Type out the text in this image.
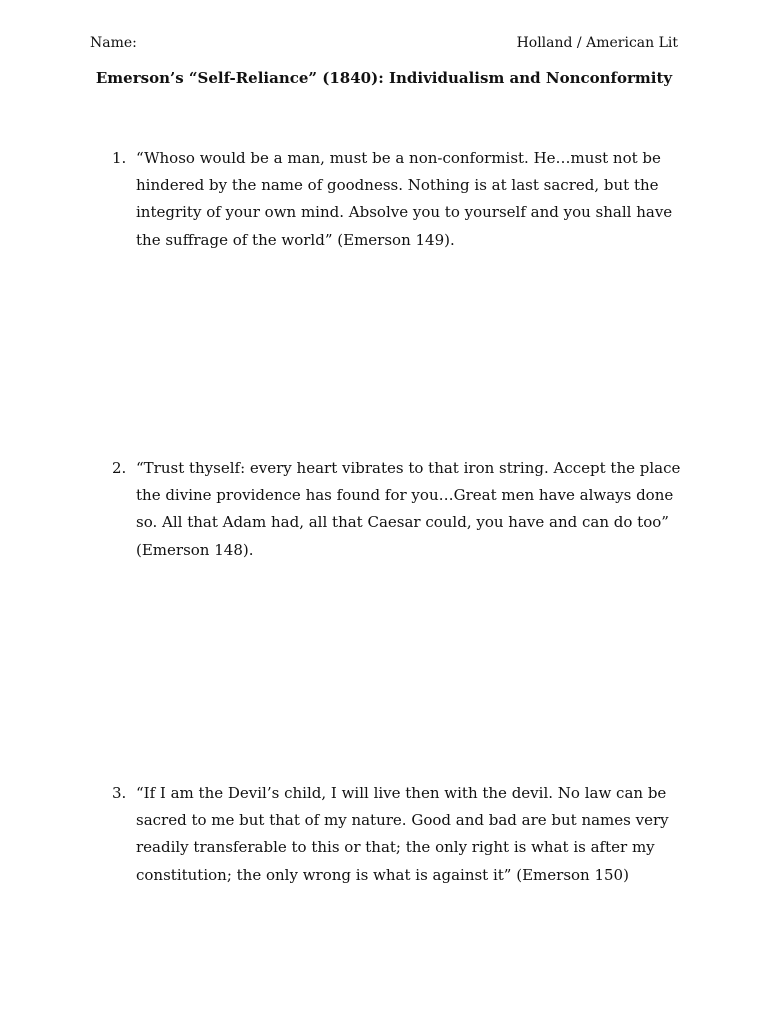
Name:	Holland / American Lit
Emerson’s “Self-Reliance” (1840): Individualism and Nonconformity
1. “Whoso would be a man, must be a non-conformist. He…must not be hindered by the name of goodness. Nothing is at last sacred, but the integrity of your own mind. Absolve you to yourself and you shall have the suffrage of the world” (Emerson 149).
2. “Trust thyself: every heart vibrates to that iron string. Accept the place the divine providence has found for you…Great men have always done so. All that Adam had, all that Caesar could, you have and can do too” (Emerson 148).
3. “If I am the Devil’s child, I will live then with the devil. No law can be sacred to me but that of my nature. Good and bad are but names very readily transferable to this or that; the only right is what is after my constitution; the only wrong is what is against it” (Emerson 150)
